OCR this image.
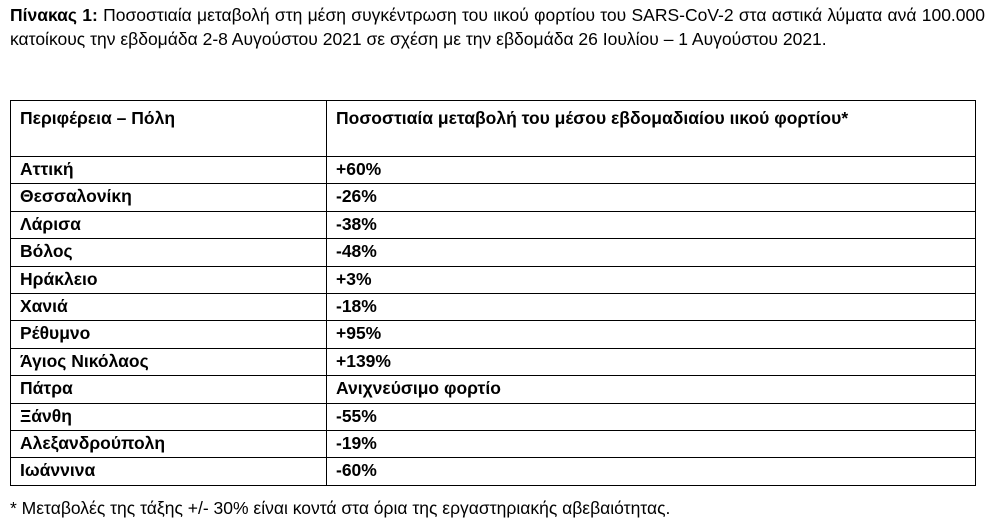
Πίνακας 1: Ποσοστιαία μεταβολή στη μέση συγκέντρωση του ιικού φορτίου του SARS-CoV-2 στα αστικά λύματα ανά 100.000 κατοίκους την εβδομάδα 2-8 Αυγούστου 2021 σε σχέση με την εβδομάδα 26 Ιουλίου – 1 Αυγούστου 2021.
Περιφέρεια – Πόλη	Ποσοστιαία μεταβολή του μέσου εβδομαδιαίου ιικού φορτίου*
Αττική	+60%
Θεσσαλονίκη	-26%
Λάρισα	-38%
Βόλος	-48%
Ηράκλειο	+3%
Χανιά	-18%
Ρέθυμνο	+95%
Άγιος Νικόλαος	+139%
Πάτρα	Ανιχνεύσιμο φορτίο
Ξάνθη	-55%
Αλεξανδρούπολη	-19%
Ιωάννινα	-60%
* Μεταβολές της τάξης +/- 30% είναι κοντά στα όρια της εργαστηριακής αβεβαιότητας.
